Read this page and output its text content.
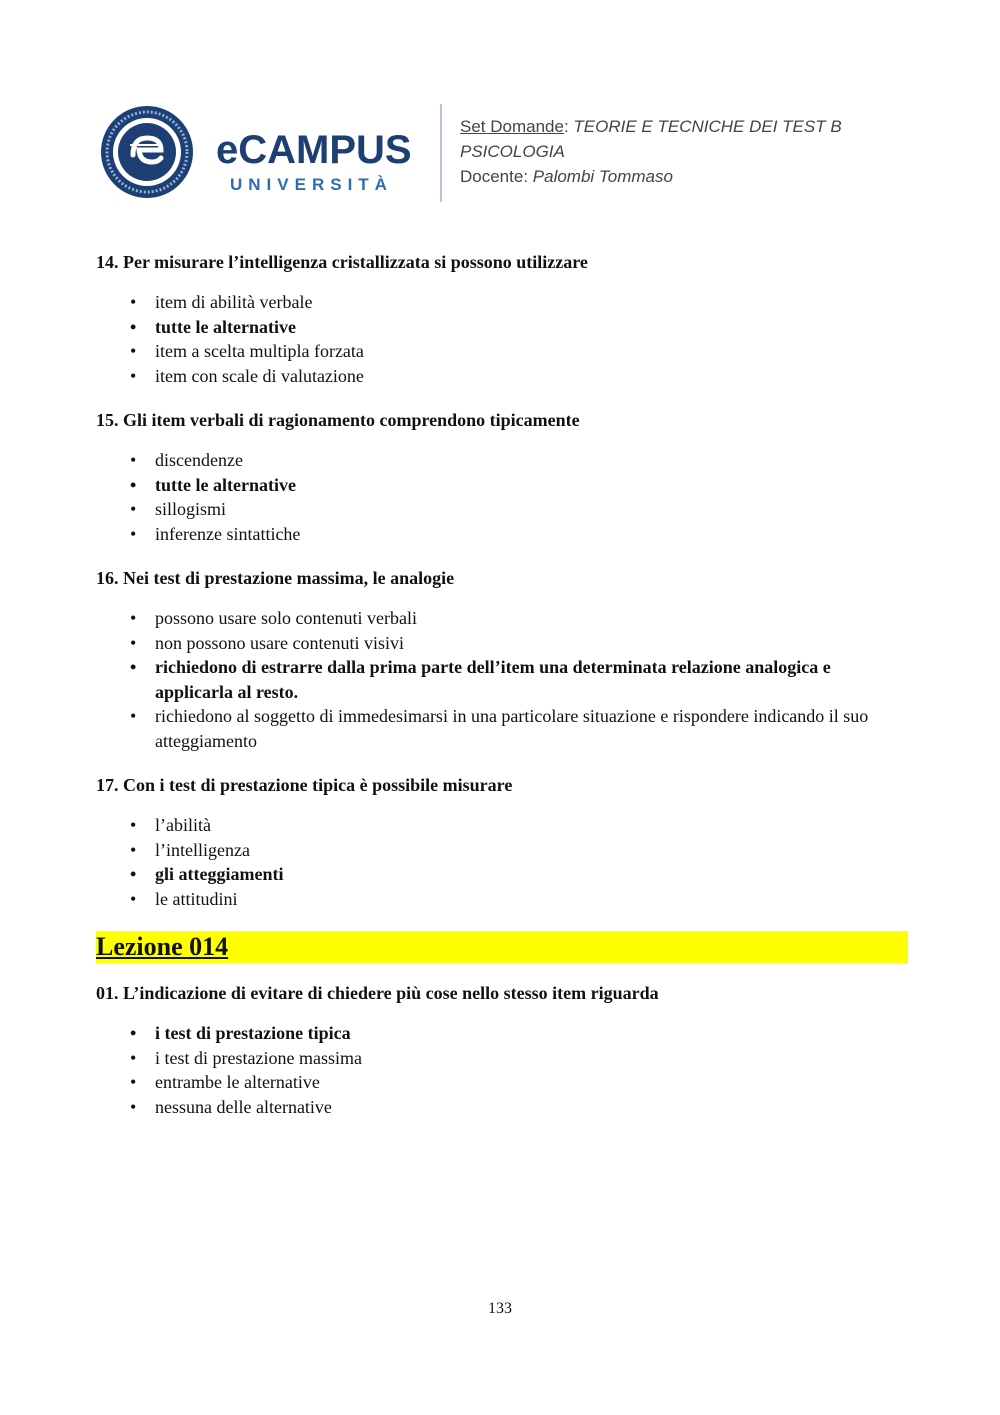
eCAMPUS
UNIVERSITÀ
Set Domande: TEORIE E TECNICHE DEI TEST B
PSICOLOGIA
Docente: Palombi Tommaso

14. Per misurare l’intelligenza cristallizzata si possono utilizzare

• item di abilità verbale
• tutte le alternative
• item a scelta multipla forzata
• item con scale di valutazione

15. Gli item verbali di ragionamento comprendono tipicamente

• discendenze
• tutte le alternative
• sillogismi
• inferenze sintattiche

16. Nei test di prestazione massima, le analogie

• possono usare solo contenuti verbali
• non possono usare contenuti visivi
• richiedono di estrarre dalla prima parte dell’item una determinata relazione analogica e applicarla al resto.
• richiedono al soggetto di immedesimarsi in una particolare situazione e rispondere indicando il suo atteggiamento

17. Con i test di prestazione tipica è possibile misurare

• l’abilità
• l’intelligenza
• gli atteggiamenti
• le attitudini
Lezione 014

01. L’indicazione di evitare di chiedere più cose nello stesso item riguarda

• i test di prestazione tipica
• i test di prestazione massima
• entrambe le alternative
• nessuna delle alternative
133
